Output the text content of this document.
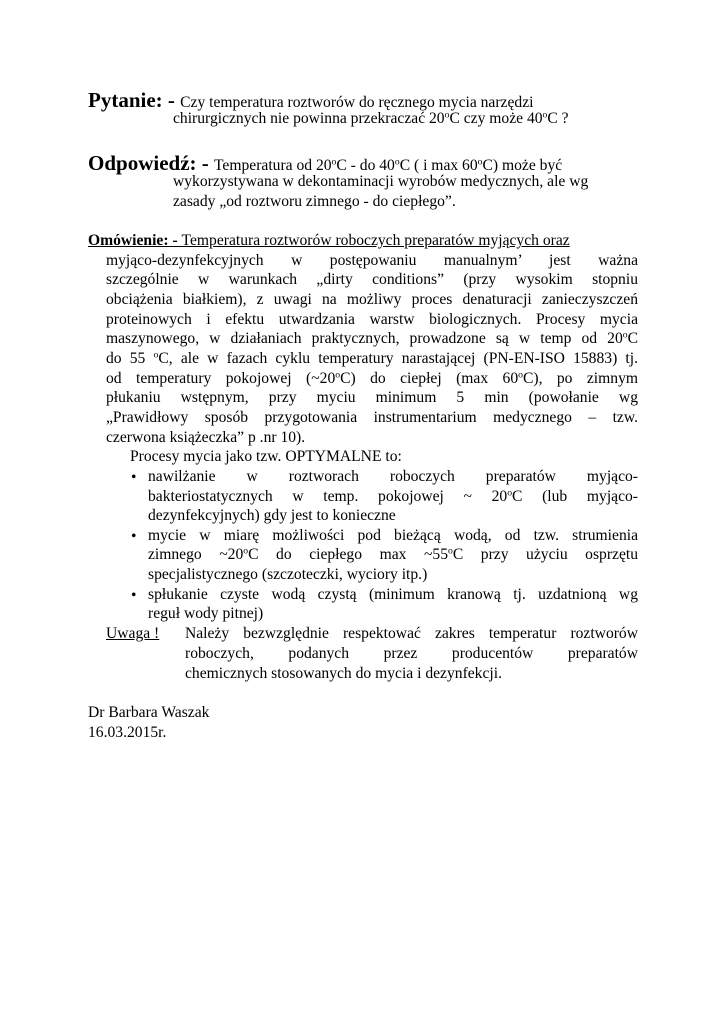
Pytanie: - Czy temperatura roztworów do ręcznego mycia narzędzi
chirurgicznych nie powinna przekraczać 20$^o$C czy może 40$^o$C ?
Odpowiedź: - Temperatura od 20$^o$C - do 40$^o$C ( i max 60$^o$C) może być
wykorzystywana w dekontaminacji wyrobów medycznych, ale wg
zasady „od roztworu zimnego - do ciepłego”.
Omówienie: - Temperatura roztworów roboczych preparatów myjących oraz
myjąco-dezynfekcyjnych w postępowaniu manualnym’ jest ważna
szczególnie w warunkach „dirty conditions” (przy wysokim stopniu
obciążenia białkiem), z uwagi na możliwy proces denaturacji zanieczyszczeń
proteinowych i efektu utwardzania warstw biologicznych. Procesy mycia
maszynowego, w działaniach praktycznych, prowadzone są w temp od 20$^o$C
do 55 $^o$C, ale w fazach cyklu temperatury narastającej (PN-EN-ISO 15883) tj.
od temperatury pokojowej (~20$^o$C) do ciepłej (max 60$^o$C), po zimnym
płukaniu wstępnym, przy myciu minimum 5 min (powołanie wg
„Prawidłowy sposób przygotowania instrumentarium medycznego – tzw.
czerwona książeczka” p .nr 10).
Procesy mycia jako tzw. OPTYMALNE to:
• nawilżanie w roztworach roboczych preparatów myjąco-
bakteriostatycznych w temp. pokojowej ~ 20$^o$C (lub myjąco-
dezynfekcyjnych) gdy jest to konieczne
• mycie w miarę możliwości pod bieżącą wodą, od tzw. strumienia
zimnego ~20$^o$C do ciepłego max ~55$^o$C przy użyciu osprzętu
specjalistycznego (szczoteczki, wyciory itp.)
• spłukanie czyste wodą czystą (minimum kranową tj. uzdatnioną wg
reguł wody pitnej)
Uwaga ! Należy bezwzględnie respektować zakres temperatur roztworów
roboczych, podanych przez producentów preparatów
chemicznych stosowanych do mycia i dezynfekcji.
Dr Barbara Waszak
16.03.2015r.
